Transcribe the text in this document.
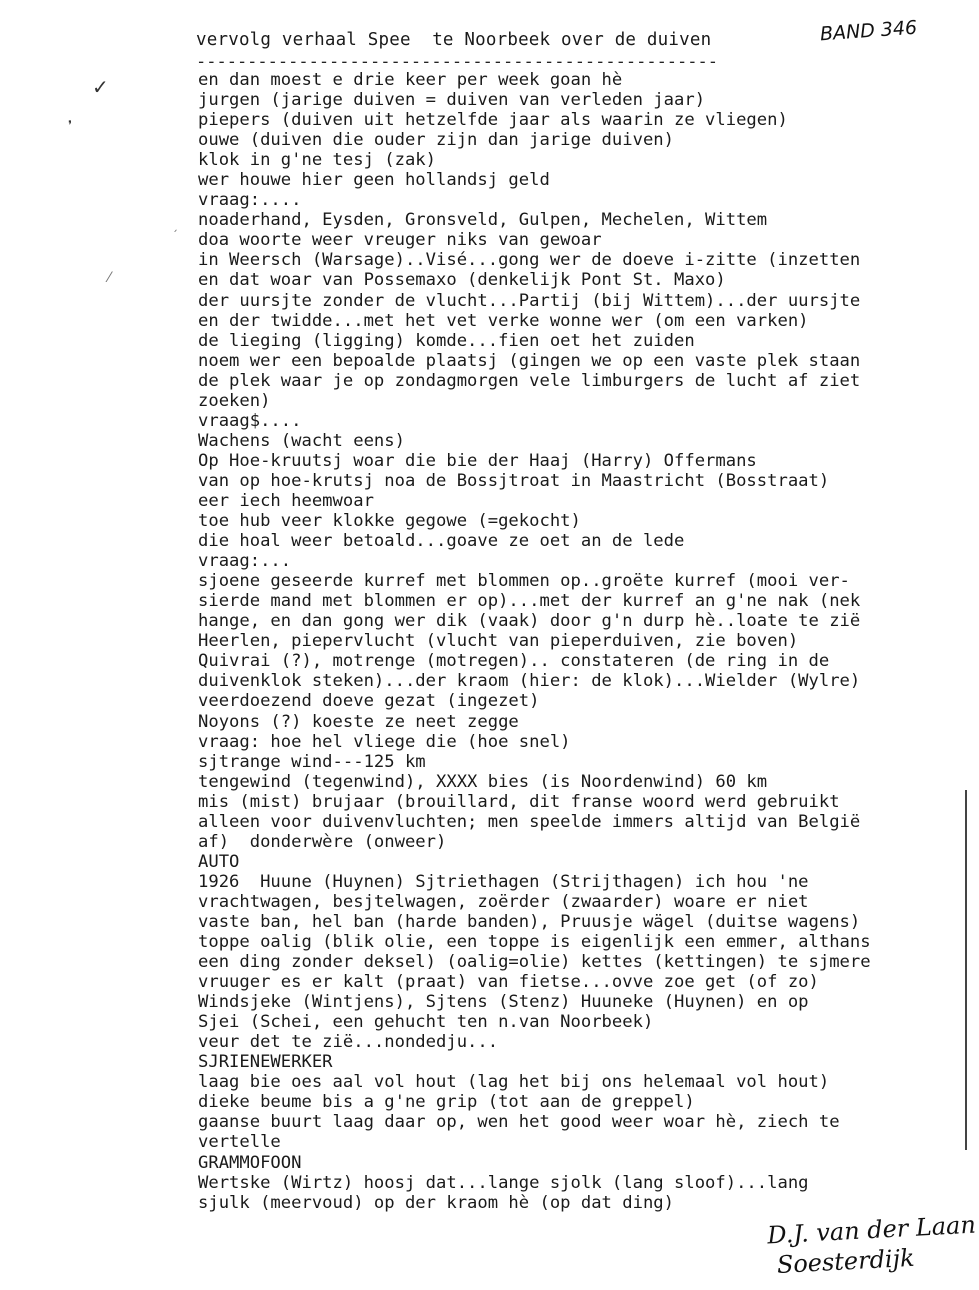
vervolg verhaal Spee  te Noorbeek over de duiven	BAND 346
---------------------------------------------------
✓
❜
⁄
ˏ
en dan moest e drie keer per week goan hè
jurgen (jarige duiven = duiven van verleden jaar)
piepers (duiven uit hetzelfde jaar als waarin ze vliegen)
ouwe (duiven die ouder zijn dan jarige duiven)
klok in g'ne tesj (zak)
wer houwe hier geen hollandsj geld
vraag:....
noaderhand, Eysden, Gronsveld, Gulpen, Mechelen, Wittem
doa woorte weer vreuger niks van gewoar
in Weersch (Warsage)..Visé...gong wer de doeve i-zitte (inzetten
en dat woar van Possemaxo (denkelijk Pont St. Maxo)
der uursjte zonder de vlucht...Partij (bij Wittem)...der uursjte
en der twidde...met het vet verke wonne wer (om een varken)
de lieging (ligging) komde...fien oet het zuiden
noem wer een bepoalde plaatsj (gingen we op een vaste plek staan
de plek waar je op zondagmorgen vele limburgers de lucht af ziet
zoeken)
vraag$....
Wachens (wacht eens)
Op Hoe-kruutsj woar die bie der Haaj (Harry) Offermans
van op hoe-krutsj noa de Bossjtroat in Maastricht (Bosstraat)
eer iech heemwoar
toe hub veer klokke gegowe (=gekocht)
die hoal weer betoald...goave ze oet an de lede
vraag:...
sjoene geseerde kurref met blommen op..groëte kurref (mooi ver-
sierde mand met blommen er op)...met der kurref an g'ne nak (nek
hange, en dan gong wer dik (vaak) door g'n durp hè..loate te zië
Heerlen, piepervlucht (vlucht van pieperduiven, zie boven)
Quivrai (?), motrenge (motregen).. constateren (de ring in de
duivenklok steken)...der kraom (hier: de klok)...Wielder (Wylre)
veerdoezend doeve gezat (ingezet)
Noyons (?) koeste ze neet zegge
vraag: hoe hel vliege die (hoe snel)
sjtrange wind---125 km
tengewind (tegenwind), XXXX bies (is Noordenwind) 60 km
mis (mist) brujaar (brouillard, dit franse woord werd gebruikt
alleen voor duivenvluchten; men speelde immers altijd van België
af)  donderwère (onweer)
AUTO
1926  Huune (Huynen) Sjtriethagen (Strijthagen) ich hou 'ne
vrachtwagen, besjtelwagen, zoërder (zwaarder) woare er niet
vaste ban, hel ban (harde banden), Pruusje wägel (duitse wagens)
toppe oalig (blik olie, een toppe is eigenlijk een emmer, althans
een ding zonder deksel) (oalig=olie) kettes (kettingen) te sjmere
vruuger es er kalt (praat) van fietse...ovve zoe get (of zo)
Windsjeke (Wintjens), Sjtens (Stenz) Huuneke (Huynen) en op
Sjei (Schei, een gehucht ten n.van Noorbeek)
veur det te zië...nondedju...
SJRIENEWERKER
laag bie oes aal vol hout (lag het bij ons helemaal vol hout)
dieke beume bis a g'ne grip (tot aan de greppel)
gaanse buurt laag daar op, wen het good weer woar hè, ziech te
vertelle
GRAMMOFOON
Wertske (Wirtz) hoosj dat...lange sjolk (lang sloof)...lang
sjulk (meervoud) op der kraom hè (op dat ding)
D.J. van der Laan
Soesterdijk
